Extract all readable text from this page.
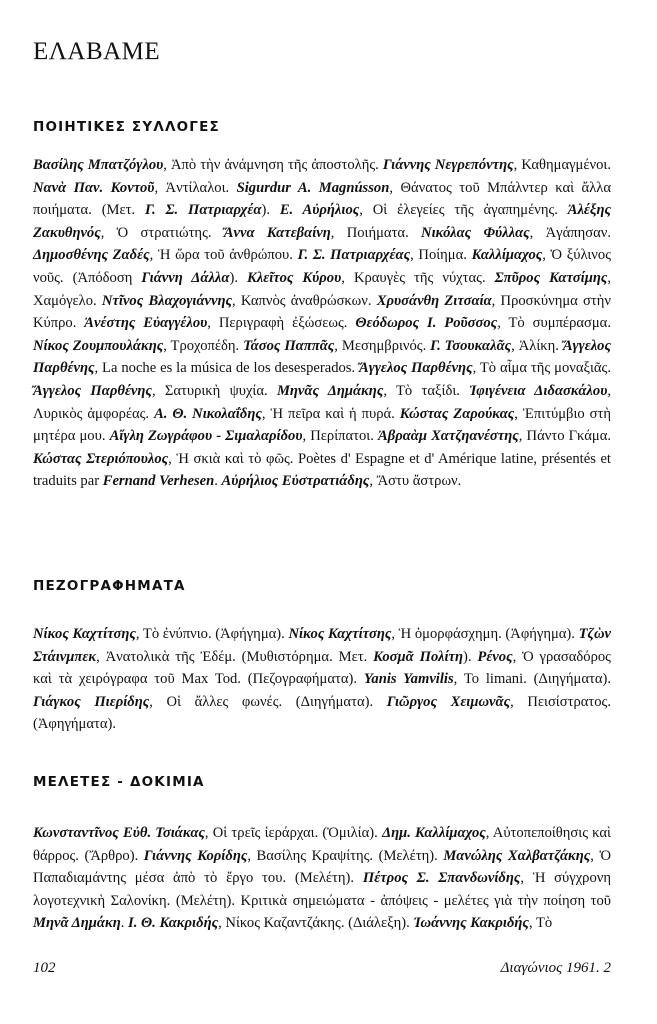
ΕΛΑΒΑΜΕ
ΠΟΙΗΤΙΚΕΣ ΣΥΛΛΟΓΕΣ
Βασίλης Μπατζόγλου, Ἀπὸ τὴν ἀνάμνηση τῆς ἀποστολῆς. Γιάννης Νεγρεπόντης, Καθημαγμένοι. Νανὰ Παν. Κοντοῦ, Ἀντίλαλοι. Sigurdur A. Magnússon, Θάνατος τοῦ Μπάλντερ καὶ ἄλλα ποιήματα. (Μετ. Γ. Σ. Πατριαρχέα). Ε. Αὐρήλιος, Οἱ ἐλεγείες τῆς ἀγαπημένης. Ἀλέξης Ζακυθηνός, Ὁ στρατιώτης. Ἄννα Κατεβαίνη, Ποιήματα. Νικόλας Φύλλας, Ἀγάπησαν. Δημοσθένης Ζαδές, Ἡ ὥρα τοῦ ἀνθρώπου. Γ. Σ. Πατριαρχέας, Ποίημα. Καλλίμαχος, Ὁ ξύλινος νοῦς. (Ἀπόδοση Γιάννη Δάλλα). Κλεῖτος Κύρου, Κραυγὲς τῆς νύχτας. Σπῦρος Κατσίμης, Χαμόγελο. Ντῖνος Βλαχογιάννης, Καπνὸς ἀναθρώσκων. Χρυσάνθη Ζιτσαία, Προσκύνημα στὴν Κύπρο. Ἀνέστης Εὐαγγέλου, Περιγραφὴ ἐξώσεως. Θεόδωρος Ι. Ροῦσσος, Τὸ συμπέρασμα. Νίκος Ζουμπουλάκης, Τροχοπέδη. Τάσος Παππᾶς, Μεσημβρινός. Γ. Τσουκαλᾶς, Ἀλίκη. Ἄγγελος Παρθένης, La noche es la música de los desesperados. Ἄγγελος Παρθένης, Τὸ αἷμα τῆς μοναξιᾶς. Ἄγγελος Παρθένης, Σατυρικὴ ψυχία. Μηνᾶς Δημάκης, Τὸ ταξίδι. Ἰφιγένεια Διδασκάλου, Λυρικὸς ἀμφορέας. Α. Θ. Νικολαΐδης, Ἡ πεῖρα καὶ ἡ πυρά. Κώστας Ζαρούκας, Ἐπιτύμβιο στὴ μητέρα μου. Αἴγλη Ζωγράφου - Σιμαλαρίδου, Περίπατοι. Ἀβραὰμ Χατζηανέστης, Πάντο Γκάμα. Κώστας Στεριόπουλος, Ἡ σκιὰ καὶ τὸ φῶς. Poètes d' Espagne et d' Amérique latine, présentés et traduits par Fernand Verhesen. Αὐρήλιος Εὐστρατιάδης, Ἄστυ ἄστρων.
ΠΕΖΟΓΡΑΦΗΜΑΤΑ
Νίκος Καχτίτσης, Τὸ ἐνύπνιο. (Ἀφήγημα). Νίκος Καχτίτσης, Ἡ ὁμορφάσχημη. (Ἀφήγημα). Τζὼν Στάινμπεκ, Ἀνατολικὰ τῆς Ἐδέμ. (Μυθιστόρημα. Μετ. Κοσμᾶ Πολίτη). Ρένος, Ὁ γρασαδόρος καὶ τὰ χειρόγραφα τοῦ Max Tod. (Πεζογραφήματα). Yanis Yamvilis, To limani. (Διηγήματα). Γιάγκος Πιερίδης, Οἱ ἄλλες φωνές. (Διηγήματα). Γιῶργος Χειμωνᾶς, Πεισίστρατος. (Ἀφηγήματα).
ΜΕΛΕΤΕΣ - ΔΟΚΙΜΙΑ
Κωνσταντῖνος Εὐθ. Τσιάκας, Οἱ τρεῖς ἱεράρχαι. (Ὁμιλία). Δημ. Καλλίμαχος, Αὐτοπεποίθησις καὶ θάρρος. (Ἄρθρο). Γιάννης Κορίδης, Βασίλης Κραψίτης. (Μελέτη). Μανώλης Χαλβατζάκης, Ὁ Παπαδιαμάντης μέσα ἀπὸ τὸ ἔργο του. (Μελέτη). Πέτρος Σ. Σπανδωνίδης, Ἡ σύγχρονη λογοτεχνικὴ Σαλονίκη. (Μελέτη). Κριτικὰ σημειώματα - ἀπόψεις - μελέτες γιὰ τὴν ποίηση τοῦ Μηνᾶ Δημάκη. Ι. Θ. Κακριδής, Νίκος Καζαντζάκης. (Διάλεξη). Ἰωάννης Κακριδής, Τὸ
102	Διαγώνιος 1961. 2
